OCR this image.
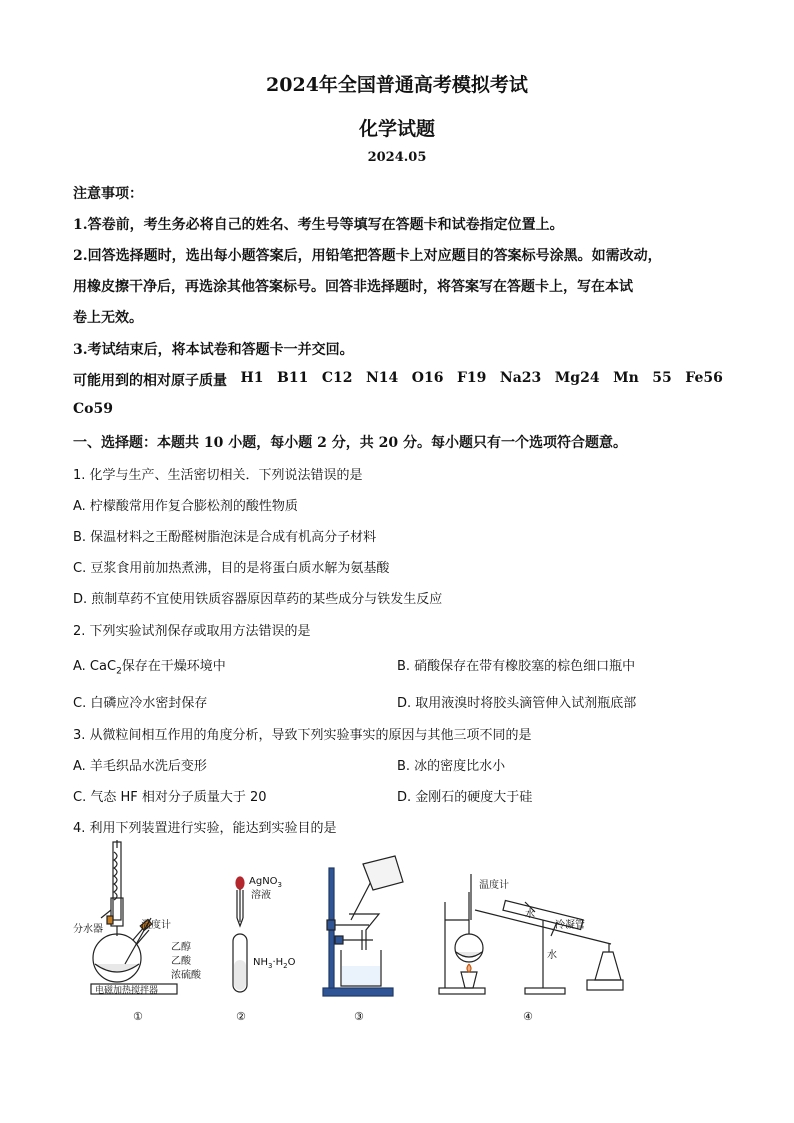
2024年全国普通高考模拟考试
化学试题
2024.05
注意事项：
1.答卷前，考生务必将自己的姓名、考生号等填写在答题卡和试卷指定位置上。
2.回答选择题时，选出每小题答案后，用铅笔把答题卡上对应题目的答案标号涂黑。如需改动，
用橡皮擦干净后，再选涂其他答案标号。回答非选择题时，将答案写在答题卡上，写在本试
卷上无效。
3.考试结束后，将本试卷和答题卡一并交回。
可能用到的相对原子质量 H1 B11 C12 N14 O16 F19 Na23 Mg24 Mn 55 Fe56
Co59
一、选择题：本题共 10 小题，每小题 2 分，共 20 分。每小题只有一个选项符合题意。
1. 化学与生产、生活密切相关．下列说法错误的是
A. 柠檬酸常用作复合膨松剂的酸性物质
B. 保温材料之王酚醛树脂泡沫是合成有机高分子材料
C. 豆浆食用前加热煮沸，目的是将蛋白质水解为氨基酸
D. 煎制草药不宜使用铁质容器原因草药的某些成分与铁发生反应
2. 下列实验试剂保存或取用方法错误的是
A. CaC$_2$保存在干燥环境中	B. 硝酸保存在带有橡胶塞的棕色细口瓶中
C. 白磷应冷水密封保存	D. 取用液溴时将胶头滴管伸入试剂瓶底部
3. 从微粒间相互作用的角度分析，导致下列实验事实的原因与其他三项不同的是
A. 羊毛织品水洗后变形	B. 冰的密度比水小
C. 气态 HF 相对分子质量大于 20	D. 金刚石的硬度大于硅
4. 利用下列装置进行实验，能达到实验目的是
分水器	温度计
乙醇
乙酸
浓硫酸
电磁加热搅拌器
①
AgNO$_3$
溶液
$NH_3\cdot H_2O$
②	③
温度计
水
冷凝管
水
④
